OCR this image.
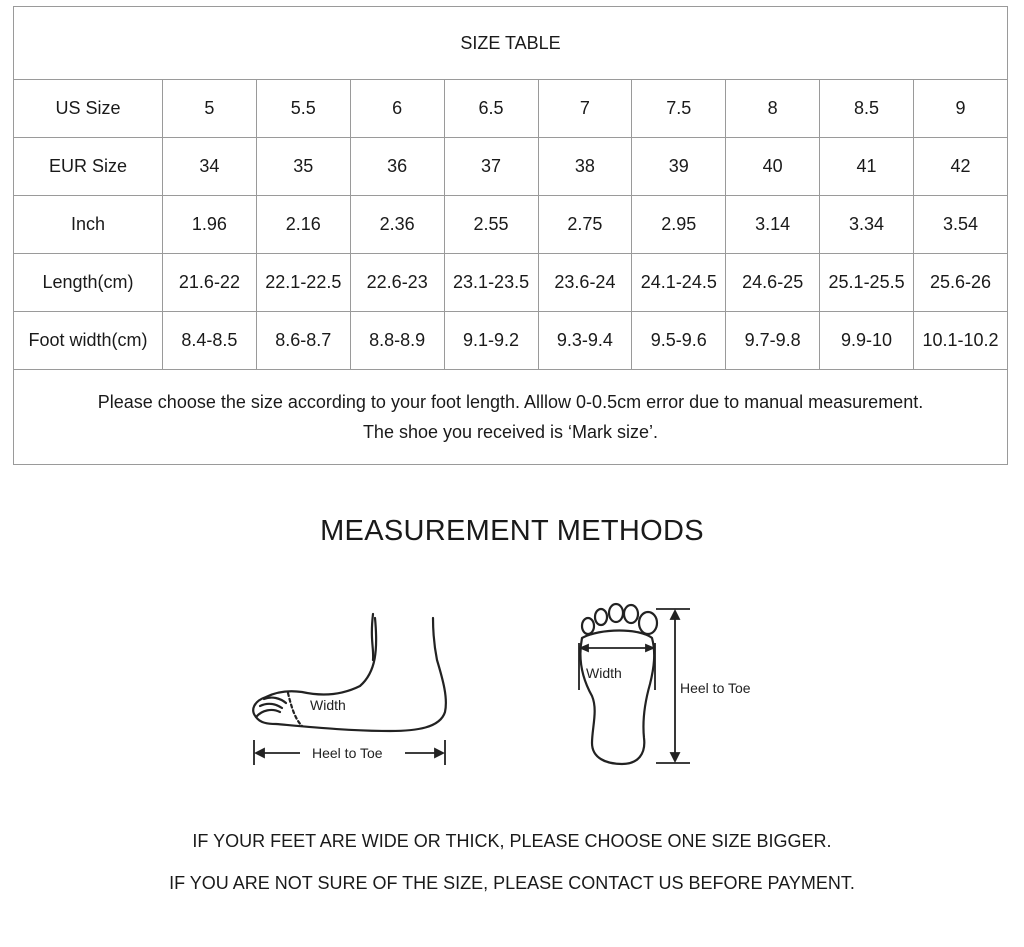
SIZE TABLE									
US Size	5	5.5	6	6.5	7	7.5	8	8.5	9
EUR Size	34	35	36	37	38	39	40	41	42
Inch	1.96	2.16	2.36	2.55	2.75	2.95	3.14	3.34	3.54
Length(cm)	21.6-22	22.1-22.5	22.6-23	23.1-23.5	23.6-24	24.1-24.5	24.6-25	25.1-25.5	25.6-26
Foot width(cm)	8.4-8.5	8.6-8.7	8.8-8.9	9.1-9.2	9.3-9.4	9.5-9.6	9.7-9.8	9.9-10	10.1-10.2

Please choose the size according to your foot length. Alllow 0-0.5cm error due to manual measurement.
The shoe you received is ‘Mark size’.									
MEASUREMENT METHODS
Width
Heel to Toe
Width
Heel to Toe

IF YOUR FEET ARE WIDE OR THICK, PLEASE CHOOSE ONE SIZE BIGGER.

IF YOU ARE NOT SURE OF THE SIZE, PLEASE CONTACT US BEFORE PAYMENT.
